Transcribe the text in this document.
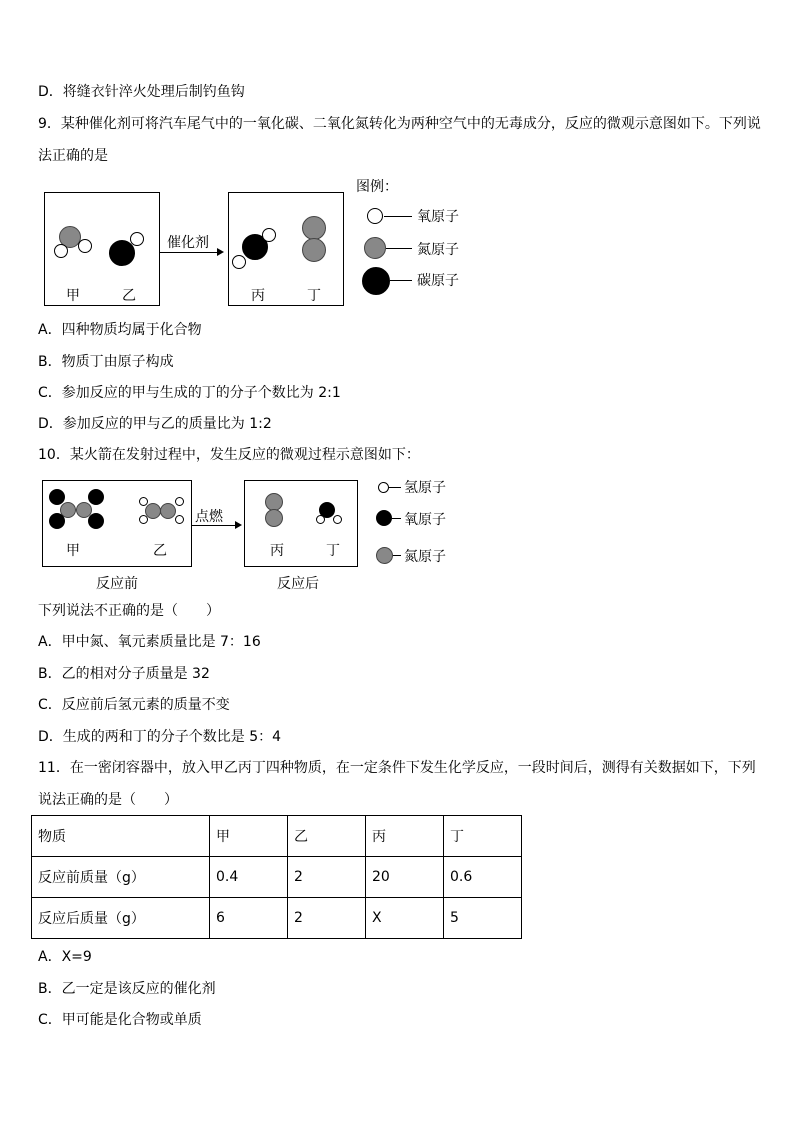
D．将缝衣针淬火处理后制钓鱼钩
9．某种催化剂可将汽车尾气中的一氧化碳、二氧化氮转化为两种空气中的无毒成分，反应的微观示意图如下。下列说
法正确的是
甲	乙
催化剂
丙	丁
图例：
氧原子
氮原子
碳原子
A．四种物质均属于化合物
B．物质丁由原子构成
C．参加反应的甲与生成的丁的分子个数比为 2:1
D．参加反应的甲与乙的质量比为 1:2
10．某火箭在发射过程中，发生反应的微观过程示意图如下：
甲	乙
点燃
丙	丁
反应前	反应后
氢原子
氧原子
氮原子
下列说法不正确的是（　　）
A．甲中氮、氧元素质量比是 7：16
B．乙的相对分子质量是 32
C．反应前后氢元素的质量不变
D．生成的两和丁的分子个数比是 5：4
11．在一密闭容器中，放入甲乙丙丁四种物质，在一定条件下发生化学反应，一段时间后，测得有关数据如下，下列
说法正确的是（　　）
物质	甲	乙	丙	丁
反应前质量（g）	0.4	2	20	0.6
反应后质量（g）	6	2	X	5
A．X=9
B．乙一定是该反应的催化剂
C．甲可能是化合物或单质
